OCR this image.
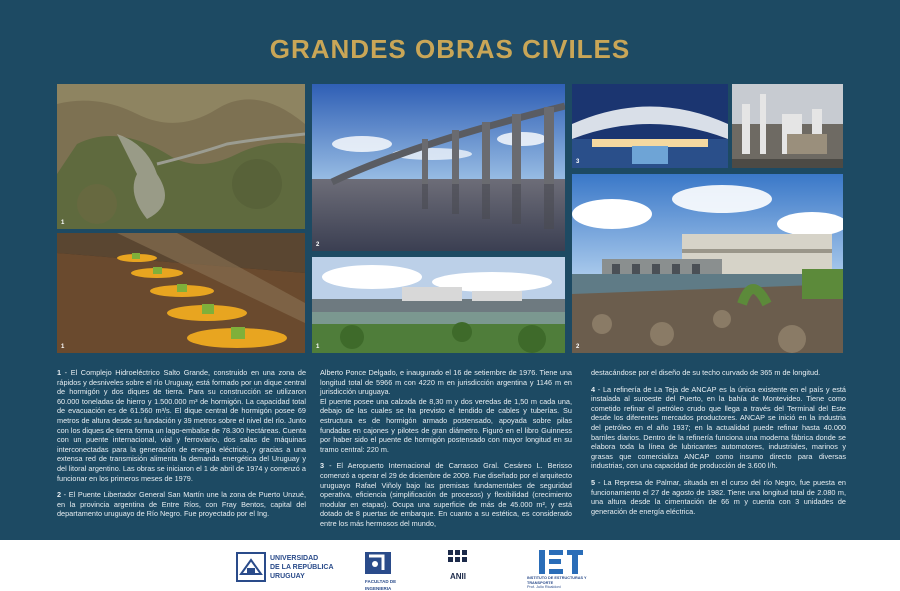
GRANDES OBRAS CIVILES
1
1
2
1
3
2

1 - El Complejo Hidroeléctrico Salto Grande, construido en una zona de rápidos y desniveles sobre el río Uruguay, está formado por un dique central de hormigón y dos diques de tierra. Para su construcción se utilizaron 60.000 toneladas de hierro y 1.500.000 m³ de hormigón. La capacidad total de evacuación es de 61.560 m³/s. El dique central de hormigón posee 69 metros de altura desde su fundación y 39 metros sobre el nivel del río. Junto con los diques de tierra forma un lago-embalse de 78.300 hectáreas. Cuenta con un puente internacional, vial y ferroviario, dos salas de máquinas interconectadas para la generación de energía eléctrica, y gracias a una extensa red de transmisión alimenta la demanda energética del Uruguay y del litoral argentino. Las obras se iniciaron el 1 de abril de 1974 y comenzó a funcionar en los primeros meses de 1979.

2 - El Puente Libertador General San Martín une la zona de Puerto Unzué, en la provincia argentina de Entre Ríos, con Fray Bentos, capital del departamento uruguayo de Río Negro. Fue proyectado por el Ing.

Alberto Ponce Delgado, e inaugurado el 16 de setiembre de 1976. Tiene una longitud total de 5966 m con 4220 m en jurisdicción argentina y 1146 m en jurisdicción uruguaya.

El puente posee una calzada de 8,30 m y dos veredas de 1,50 m cada una, debajo de las cuales se ha previsto el tendido de cables y tuberías. Su estructura es de hormigón armado postensado, apoyada sobre pilas fundadas en cajones y pilotes de gran diámetro. Figuró en el libro Guinness por haber sido el puente de hormigón postensado con mayor longitud en su tramo central: 220 m.

3 - El Aeropuerto Internacional de Carrasco Gral. Cesáreo L. Berisso comenzó a operar el 29 de diciembre de 2009. Fue diseñado por el arquitecto uruguayo Rafael Viñoly bajo las premisas fundamentales de seguridad operativa, eficiencia (simplificación de procesos) y flexibilidad (crecimiento modular en etapas). Ocupa una superficie de más de 45.000 m², y está dotado de 8 puertas de embarque. En cuanto a su estética, es considerado entre los más hermosos del mundo,

destacándose por el diseño de su techo curvado de 365 m de longitud.

4 - La refinería de La Teja de ANCAP es la única existente en el país y está instalada al suroeste del Puerto, en la bahía de Montevideo. Tiene como cometido refinar el petróleo crudo que llega a través del Terminal del Este desde los diferentes mercados productores. ANCAP se inició en la industria del petróleo en el año 1937; en la actualidad puede refinar hasta 40.000 barriles diarios. Dentro de la refinería funciona una moderna fábrica donde se elabora toda la línea de lubricantes automotores, industriales, marinos y grasas que comercializa ANCAP como insumo directo para diversas industrias, con una capacidad de producción de 3.600 l/h.

5 - La Represa de Palmar, situada en el curso del río Negro, fue puesta en funcionamiento el 27 de agosto de 1982. Tiene una longitud total de 2.080 m, una altura desde la cimentación de 66 m y cuenta con 3 unidades de generación de energía eléctrica.

UNIVERSIDAD
DE LA REPÚBLICA
URUGUAY
FACULTAD DE INGENIERIA
ANII	INSTITUTO DE ESTRUCTURAS Y TRANSPORTE
Prof. Julio Ricaldoni
